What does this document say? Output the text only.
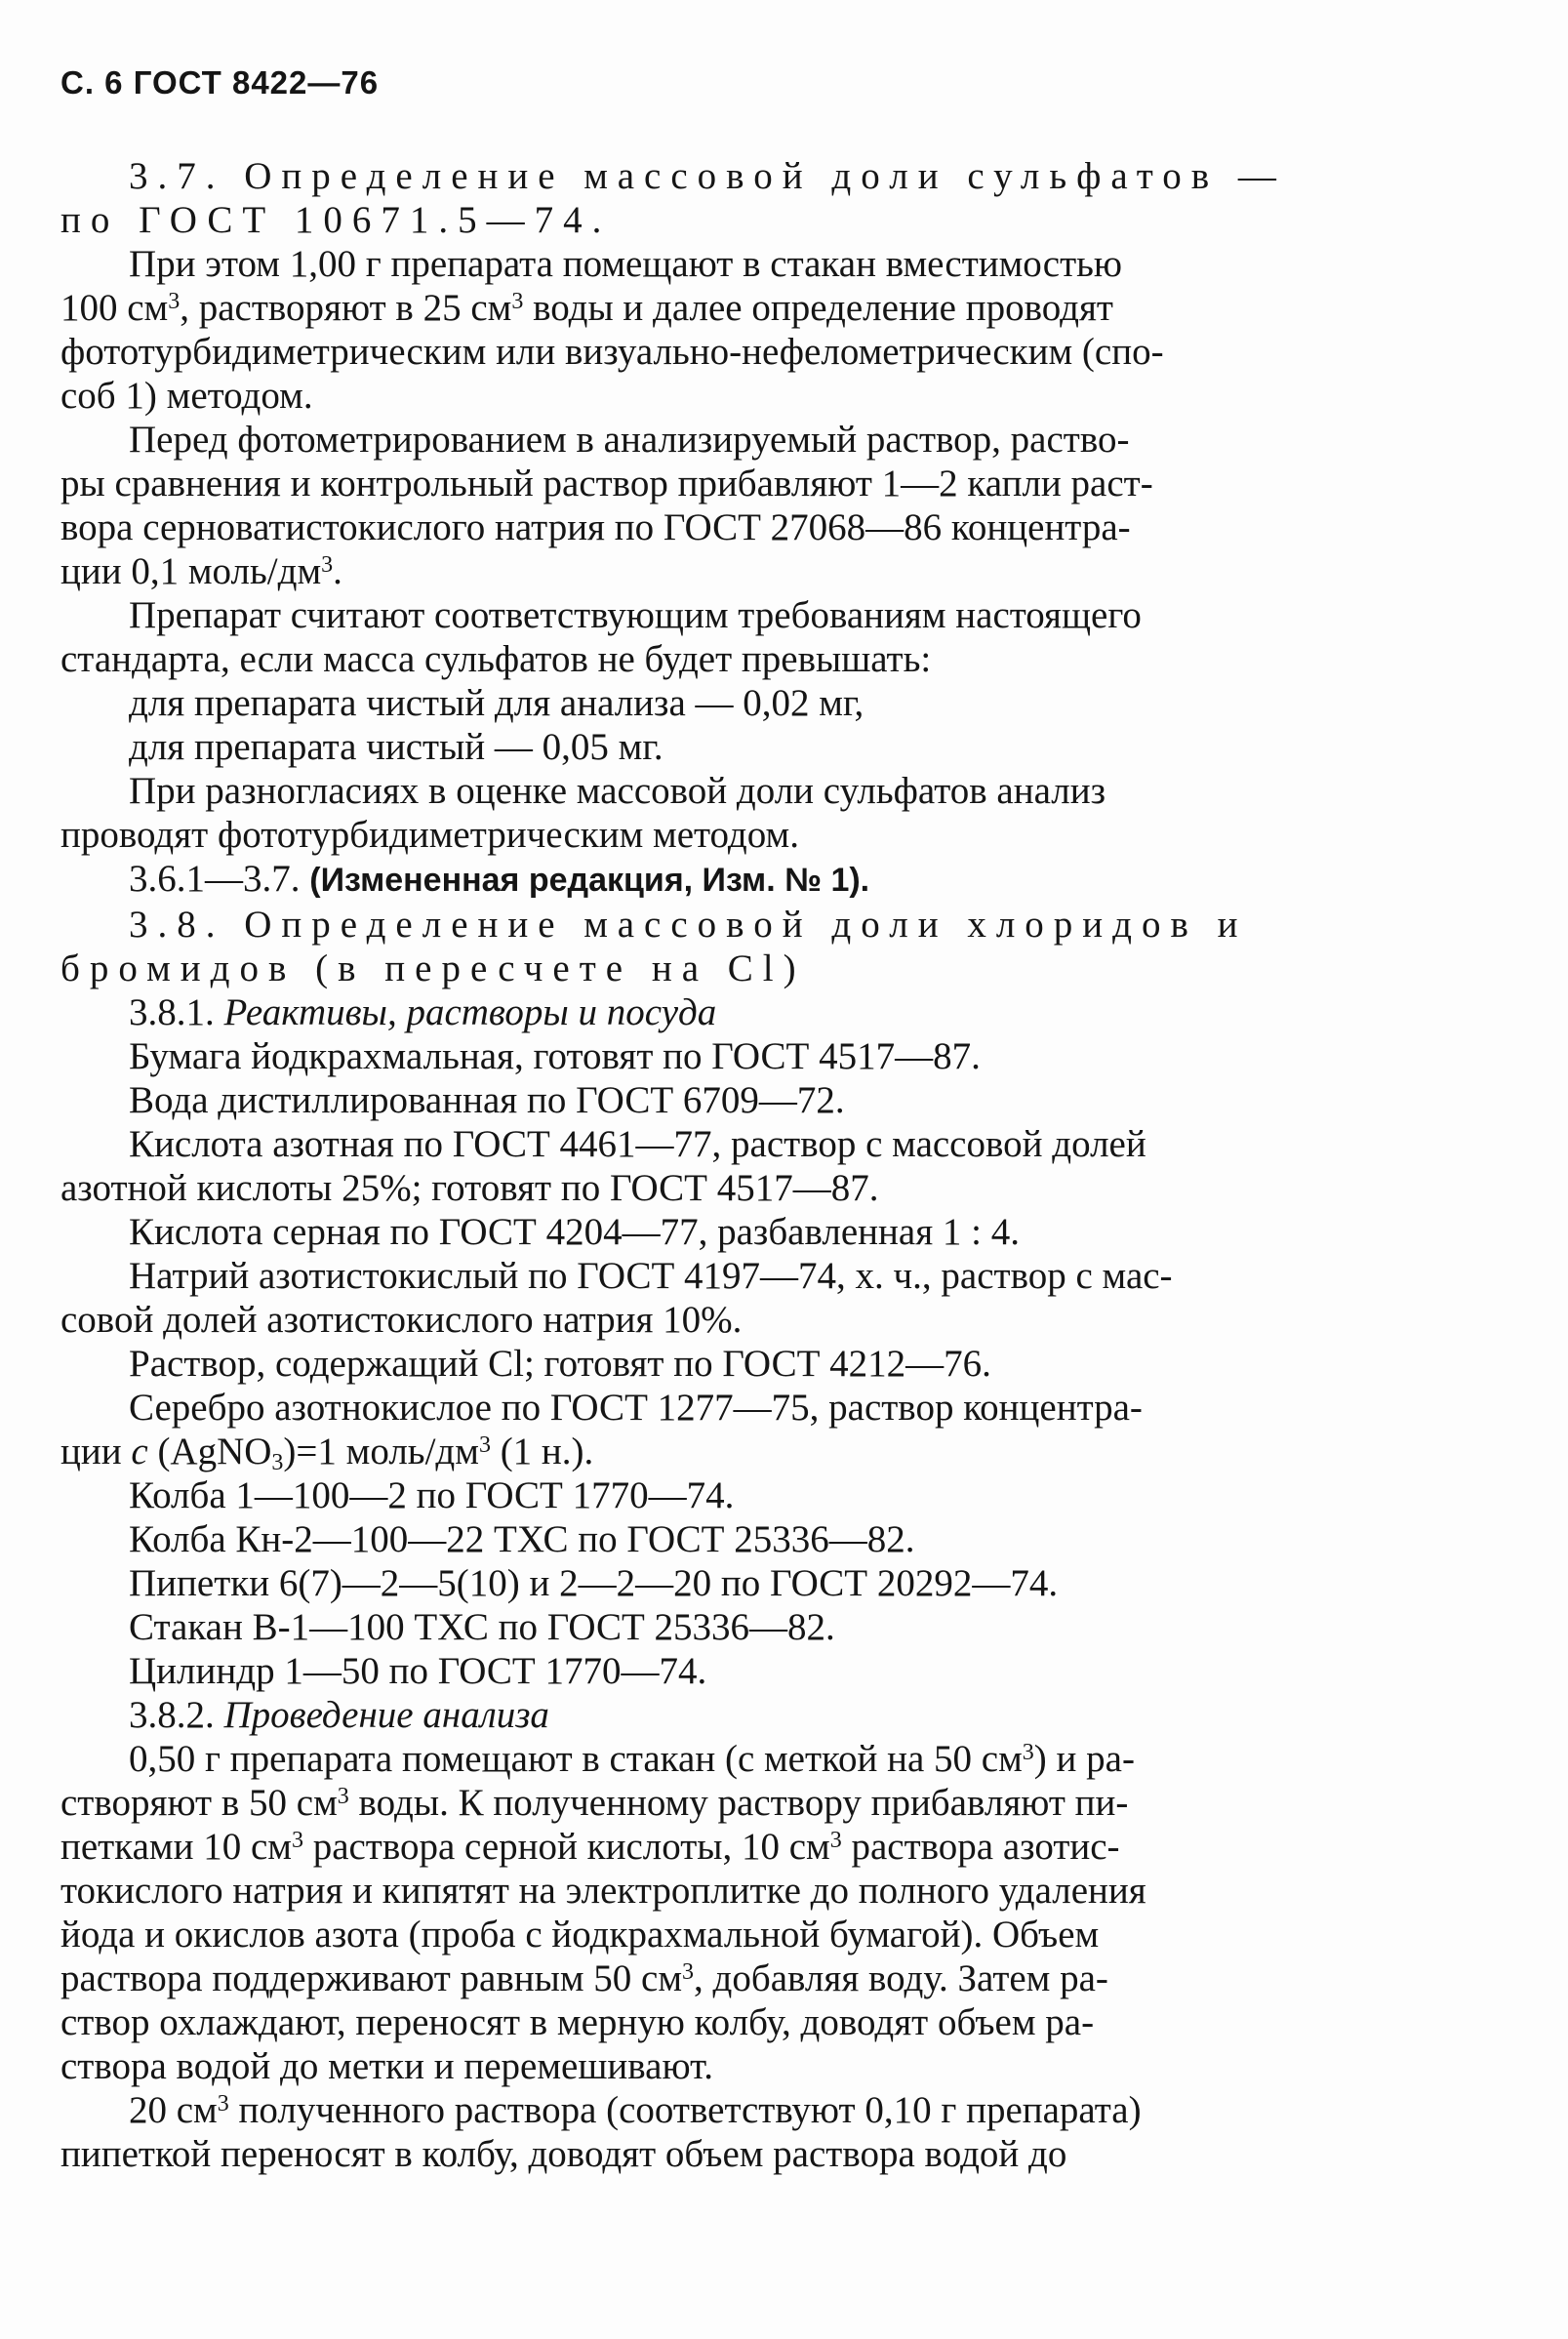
С. 6 ГОСТ 8422—76
3.7. Определение массовой доли сульфатов —
по ГОСТ 10671.5—74.
При этом 1,00 г препарата помещают в стакан вместимостью
100 $см^3$, растворяют в 25 $см^3$ воды и далее определение проводят
фототурбидиметрическим или визуально-нефелометрическим (спо-
соб 1) методом.
Перед фотометрированием в анализируемый раствор, раство-
ры сравнения и контрольный раствор прибавляют 1—2 капли раст-
вора серноватистокислого натрия по ГОСТ 27068—86 концентра-
ции 0,1 моль/$дм^3$.
Препарат считают соответствующим требованиям настоящего
стандарта, если масса сульфатов не будет превышать:
для препарата чистый для анализа — 0,02 мг,
для препарата чистый — 0,05 мг.
При разногласиях в оценке массовой доли сульфатов анализ
проводят фототурбидиметрическим методом.
3.6.1—3.7. (Измененная редакция, Изм. № 1).
3.8. Определение массовой доли хлоридов и
бромидов (в пересчете на Cl)
3.8.1. Реактивы, растворы и посуда
Бумага йодкрахмальная, готовят по ГОСТ 4517—87.
Вода дистиллированная по ГОСТ 6709—72.
Кислота азотная по ГОСТ 4461—77, раствор с массовой долей
азотной кислоты 25%; готовят по ГОСТ 4517—87.
Кислота серная по ГОСТ 4204—77, разбавленная 1 : 4.
Натрий азотистокислый по ГОСТ 4197—74, х. ч., раствор с мас-
совой долей азотистокислого натрия 10%.
Раствор, содержащий Cl; готовят по ГОСТ 4212—76.
Серебро азотнокислое по ГОСТ 1277—75, раствор концентра-
ции c (AgNO$_3$)=1 моль/$дм^3$ (1 н.).
Колба 1—100—2 по ГОСТ 1770—74.
Колба Кн-2—100—22 ТХС по ГОСТ 25336—82.
Пипетки 6(7)—2—5(10) и 2—2—20 по ГОСТ 20292—74.
Стакан В-1—100 ТХС по ГОСТ 25336—82.
Цилиндр 1—50 по ГОСТ 1770—74.
3.8.2. Проведение анализа
0,50 г препарата помещают в стакан (с меткой на 50 $см^3$) и ра-
створяют в 50 $см^3$ воды. К полученному раствору прибавляют пи-
петками 10 $см^3$ раствора серной кислоты, 10 $см^3$ раствора азотис-
токислого натрия и кипятят на электроплитке до полного удаления
йода и окислов азота (проба с йодкрахмальной бумагой). Объем
раствора поддерживают равным 50 $см^3$, добавляя воду. Затем ра-
створ охлаждают, переносят в мерную колбу, доводят объем ра-
створа водой до метки и перемешивают.
20 $см^3$ полученного раствора (соответствуют 0,10 г препарата)
пипеткой переносят в колбу, доводят объем раствора водой до
